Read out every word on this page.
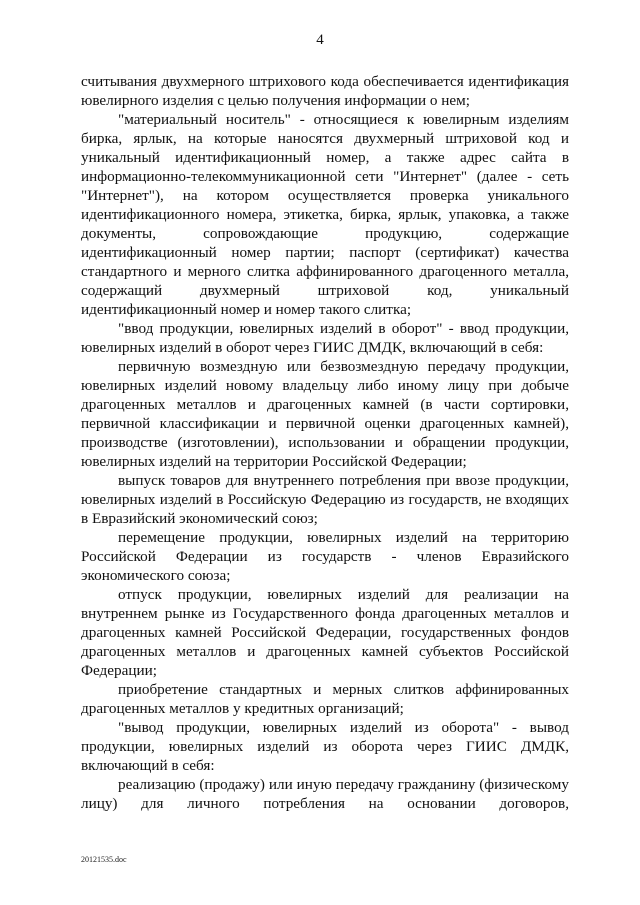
4

считывания двухмерного штрихового кода обеспечивается идентификация ювелирного изделия с целью получения информации о нем;

"материальный носитель" - относящиеся к ювелирным изделиям бирка, ярлык, на которые наносятся двухмерный штриховой код и уникальный идентификационный номер, а также адрес сайта в информационно-телекоммуникационной сети "Интернет" (далее - сеть "Интернет"), на котором осуществляется проверка уникального идентификационного номера, этикетка, бирка, ярлык, упаковка, а также документы, сопровождающие продукцию, содержащие идентификационный номер партии; паспорт (сертификат) качества стандартного и мерного слитка аффинированного драгоценного металла, содержащий двухмерный штриховой код, уникальный идентификационный номер и номер такого слитка;

"ввод продукции, ювелирных изделий в оборот" - ввод продукции, ювелирных изделий в оборот через ГИИС ДМДК, включающий в себя:

первичную возмездную или безвозмездную передачу продукции, ювелирных изделий новому владельцу либо иному лицу при добыче драгоценных металлов и драгоценных камней (в части сортировки, первичной классификации и первичной оценки драгоценных камней), производстве (изготовлении), использовании и обращении продукции, ювелирных изделий на территории Российской Федерации;

выпуск товаров для внутреннего потребления при ввозе продукции, ювелирных изделий в Российскую Федерацию из государств, не входящих в Евразийский экономический союз;

перемещение продукции, ювелирных изделий на территорию Российской Федерации из государств - членов Евразийского экономического союза;

отпуск продукции, ювелирных изделий для реализации на внутреннем рынке из Государственного фонда драгоценных металлов и драгоценных камней Российской Федерации, государственных фондов драгоценных металлов и драгоценных камней субъектов Российской Федерации;

приобретение стандартных и мерных слитков аффинированных драгоценных металлов у кредитных организаций;

"вывод продукции, ювелирных изделий из оборота" - вывод продукции, ювелирных изделий из оборота через ГИИС ДМДК, включающий в себя:

реализацию (продажу) или иную передачу гражданину (физическому лицу) для личного потребления на основании договоров,

20121535.doc
